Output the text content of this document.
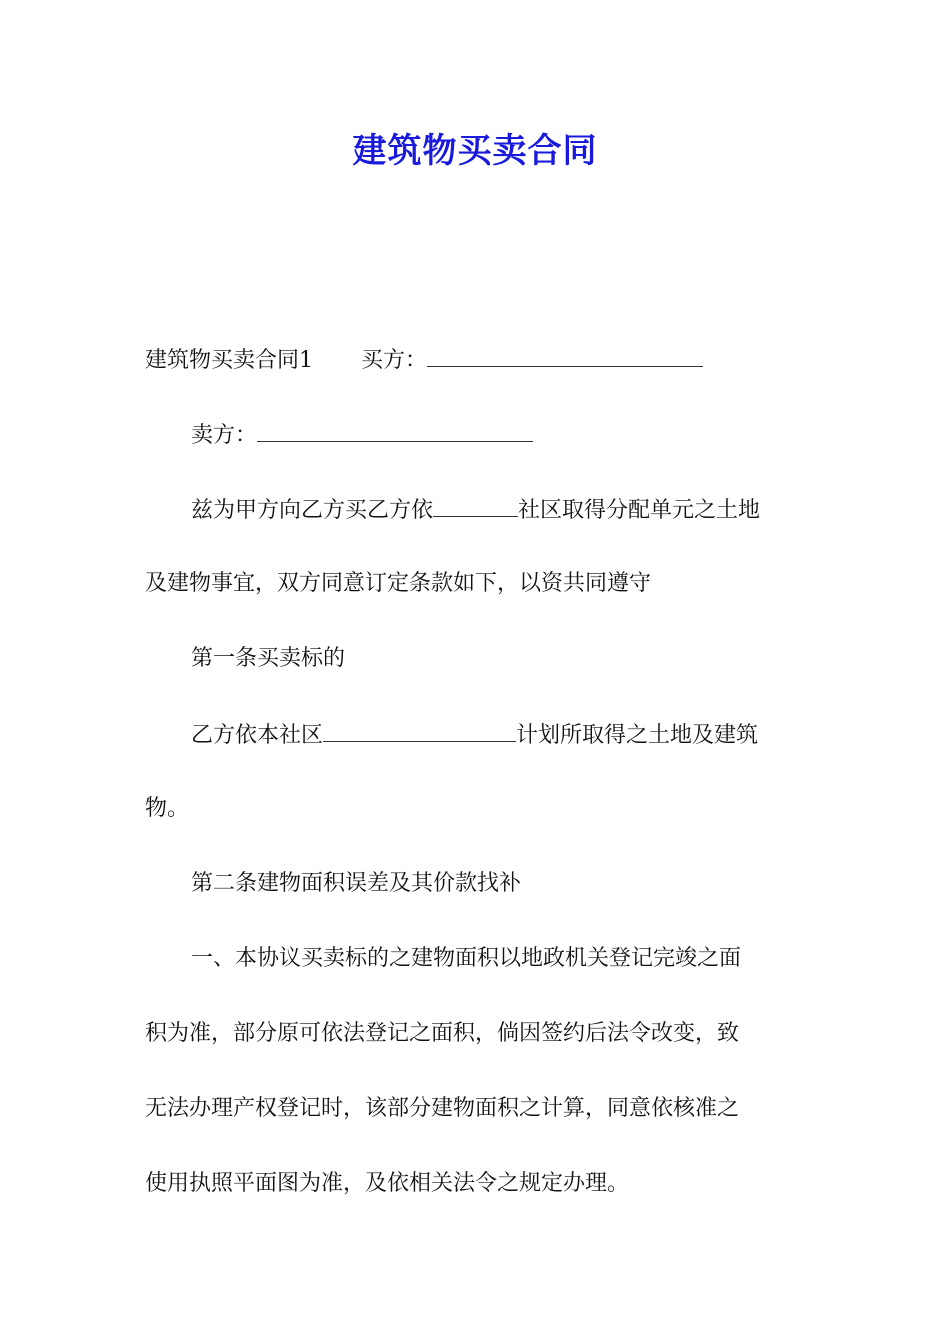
建筑物买卖合同

建筑物买卖合同1 买方：

卖方：

兹为甲方向乙方买乙方依	社区取得分配单元之土地

及建物事宜，双方同意订定条款如下，以资共同遵守

第一条买卖标的

乙方依本社区	计划所取得之土地及建筑

物。

第二条建物面积误差及其价款找补

一、本协议买卖标的之建物面积以地政机关登记完竣之面

积为准，部分原可依法登记之面积，倘因签约后法令改变，致

无法办理产权登记时，该部分建物面积之计算，同意依核准之

使用执照平面图为准，及依相关法令之规定办理。
